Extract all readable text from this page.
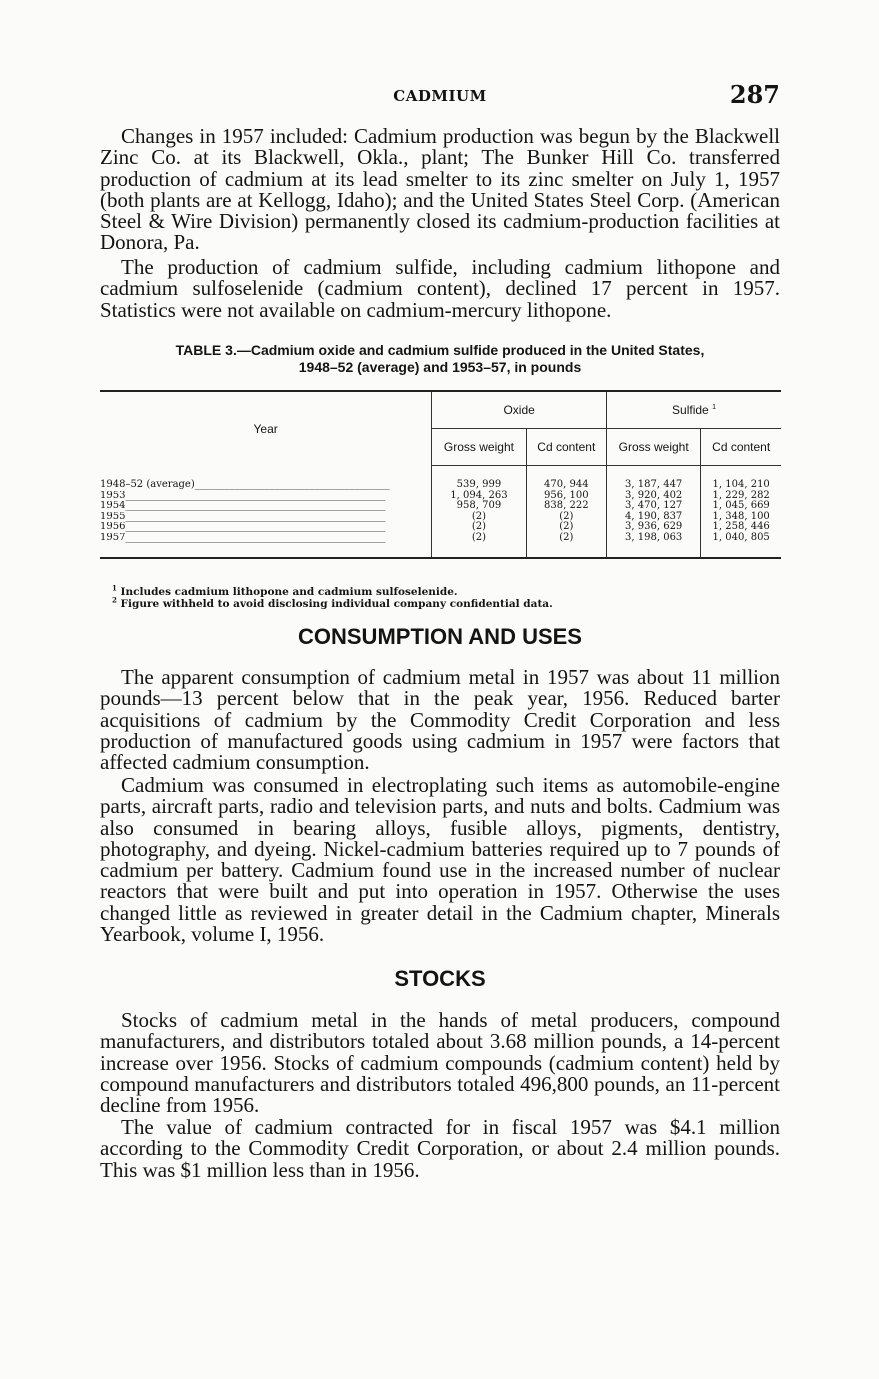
CADMIUM	287

Changes in 1957 included: Cadmium production was begun by the Blackwell Zinc Co. at its Blackwell, Okla., plant; The Bunker Hill Co. transferred production of cadmium at its lead smelter to its zinc smelter on July 1, 1957 (both plants are at Kellogg, Idaho); and the United States Steel Corp. (American Steel & Wire Division) permanently closed its cadmium-production facilities at Donora, Pa.

The production of cadmium sulfide, including cadmium lithopone and cadmium sulfoselenide (cadmium content), declined 17 percent in 1957. Statistics were not available on cadmium-mercury lithopone.

TABLE 3.—Cadmium oxide and cadmium sulfide produced in the United States,
1948–52 (average) and 1953–57, in pounds
Year	Oxide		Sulfide $^1$
	Gross weight	Cd content	Gross weight	Cd content
1948–52 (average)_______________________________________	539, 999	470, 944	3, 187, 447	1, 104, 210
1953____________________________________________________	1, 094, 263	956, 100	3, 920, 402	1, 229, 282
1954____________________________________________________	958, 709	838, 222	3, 470, 127	1, 045, 669
1955____________________________________________________	(2)	(2)	4, 190, 837	1, 348, 100
1956____________________________________________________	(2)	(2)	3, 936, 629	1, 258, 446
1957____________________________________________________	(2)	(2)	3, 198, 063	1, 040, 805

$^1$ Includes cadmium lithopone and cadmium sulfoselenide.
$^2$ Figure withheld to avoid disclosing individual company confidential data.
CONSUMPTION AND USES

The apparent consumption of cadmium metal in 1957 was about 11 million pounds—13 percent below that in the peak year, 1956. Reduced barter acquisitions of cadmium by the Commodity Credit Corporation and less production of manufactured goods using cadmium in 1957 were factors that affected cadmium consumption.

Cadmium was consumed in electroplating such items as automobile-engine parts, aircraft parts, radio and television parts, and nuts and bolts. Cadmium was also consumed in bearing alloys, fusible alloys, pigments, dentistry, photography, and dyeing. Nickel-cadmium batteries required up to 7 pounds of cadmium per battery. Cadmium found use in the increased number of nuclear reactors that were built and put into operation in 1957. Otherwise the uses changed little as reviewed in greater detail in the Cadmium chapter, Minerals Yearbook, volume I, 1956.

STOCKS

Stocks of cadmium metal in the hands of metal producers, compound manufacturers, and distributors totaled about 3.68 million pounds, a 14-percent increase over 1956. Stocks of cadmium compounds (cadmium content) held by compound manufacturers and distributors totaled 496,800 pounds, an 11-percent decline from 1956.

The value of cadmium contracted for in fiscal 1957 was $4.1 million according to the Commodity Credit Corporation, or about 2.4 million pounds. This was $1 million less than in 1956.
